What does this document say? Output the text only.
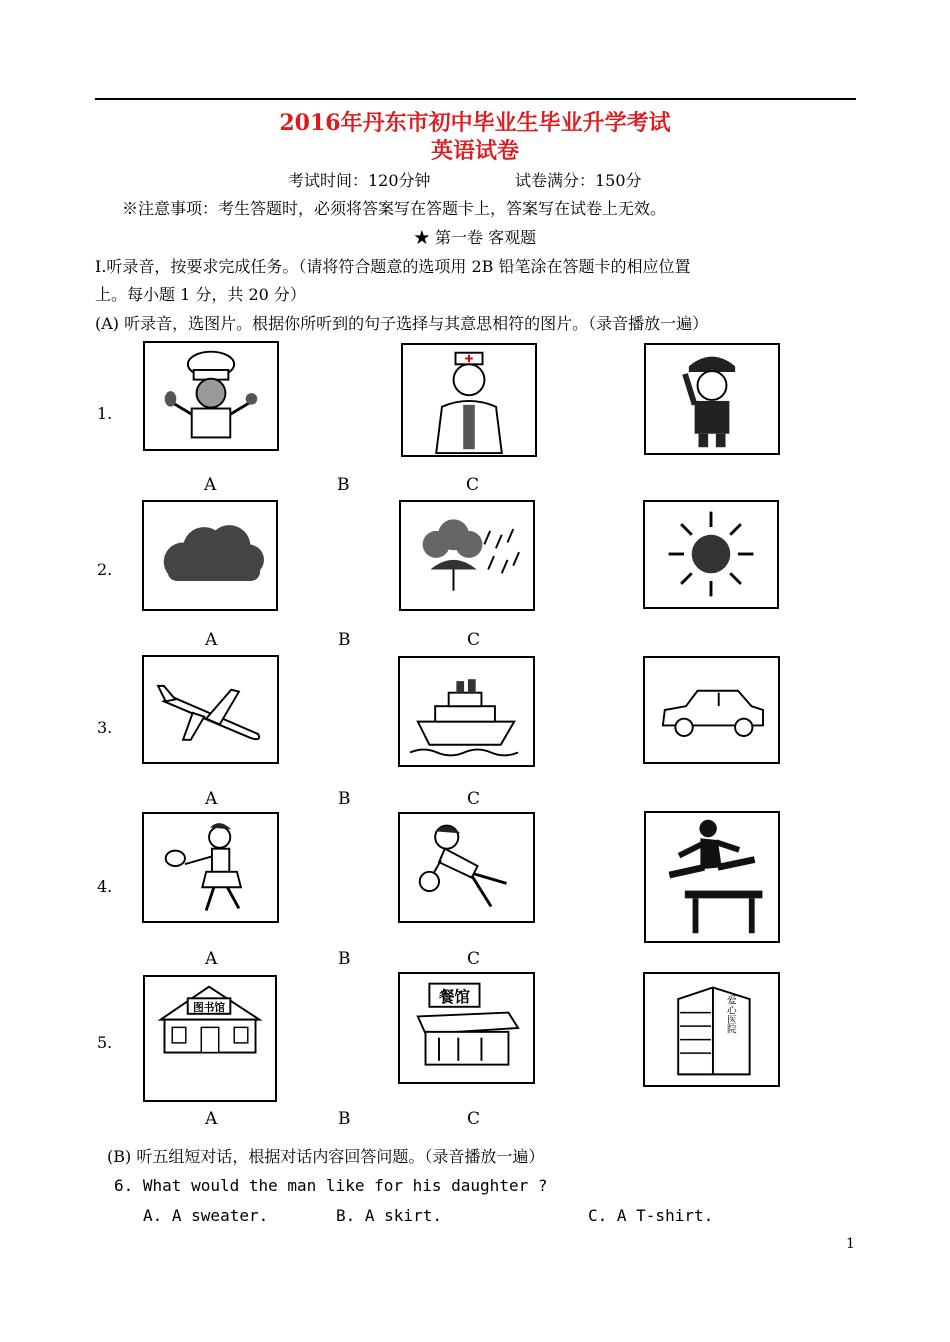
2016年丹东市初中毕业生毕业升学考试
英语试卷
考试时间：120分钟	试卷满分：150分
※注意事项：考生答题时，必须将答案写在答题卡上，答案写在试卷上无效。
★ 第一卷 客观题
Ⅰ.听录音，按要求完成任务。（请将符合题意的选项用 2B 铅笔涂在答题卡的相应位置
上。每小题 1 分，共 20 分）
(A) 听录音，选图片。根据你所听到的句子选择与其意思相符的图片。（录音播放一遍）
1.
A	B	C
2.
A	B	C
3.
A	B	C
4.
A	B	C
5.
图书馆
餐馆	爱心医院
A	B	C
(B) 听五组短对话，根据对话内容回答问题。（录音播放一遍）
6. What would the man like for his daughter ?
A. A sweater.	B. A skirt.	C. A T-shirt.
1
